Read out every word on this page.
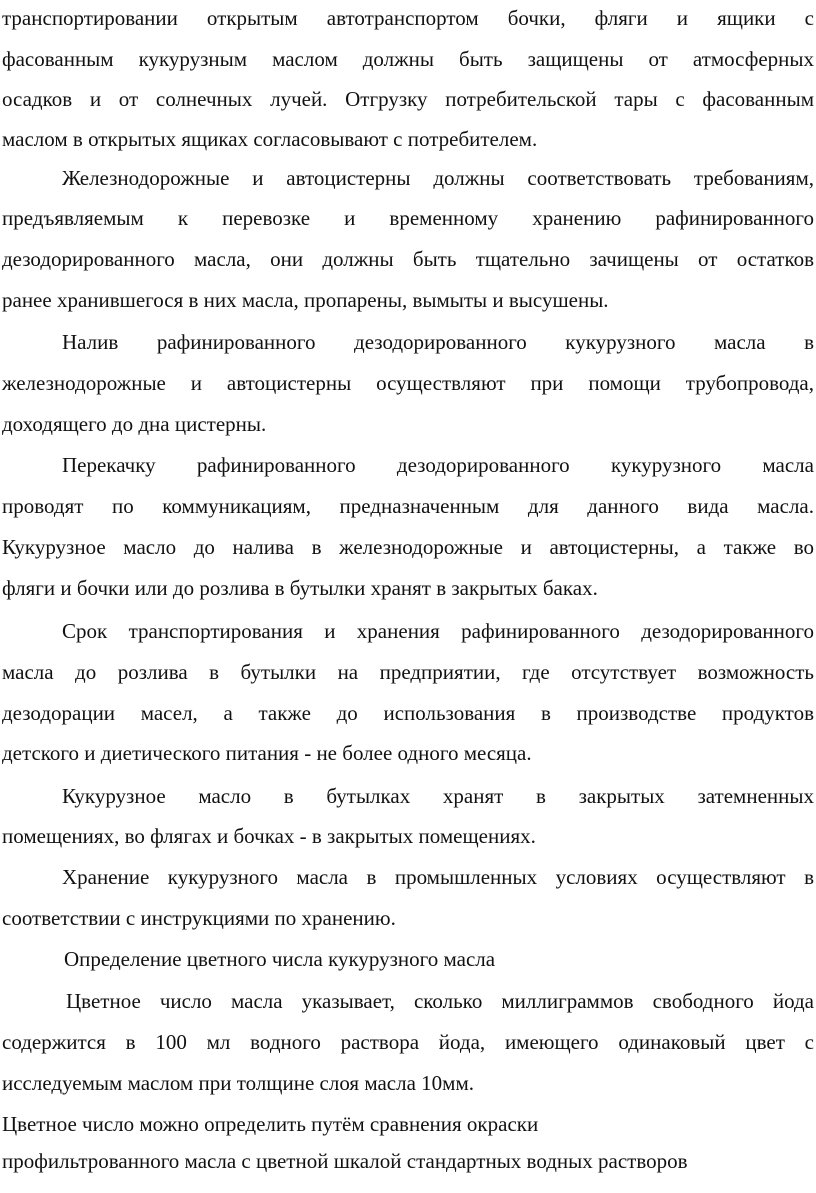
транспортировании открытым автотранспортом бочки, фляги и ящики с
фасованным кукурузным маслом должны быть защищены от атмосферных
осадков и от солнечных лучей. Отгрузку потребительской тары с фасованным
маслом в открытых ящиках согласовывают с потребителем.
Железнодорожные и автоцистерны должны соответствовать требованиям,
предъявляемым к перевозке и временному хранению рафинированного
дезодорированного масла, они должны быть тщательно зачищены от остатков
ранее хранившегося в них масла, пропарены, вымыты и высушены.
Налив рафинированного дезодорированного кукурузного масла в
железнодорожные и автоцистерны осуществляют при помощи трубопровода,
доходящего до дна цистерны.
Перекачку рафинированного дезодорированного кукурузного масла
проводят по коммуникациям, предназначенным для данного вида масла.
Кукурузное масло до налива в железнодорожные и автоцистерны, а также во
фляги и бочки или до розлива в бутылки хранят в закрытых баках.
Срок транспортирования и хранения рафинированного дезодорированного
масла до розлива в бутылки на предприятии, где отсутствует возможность
дезодорации масел, а также до использования в производстве продуктов
детского и диетического питания - не более одного месяца.
Кукурузное масло в бутылках хранят в закрытых затемненных
помещениях, во флягах и бочках - в закрытых помещениях.
Хранение кукурузного масла в промышленных условиях осуществляют в
соответствии с инструкциями по хранению.
Определение цветного числа кукурузного масла
Цветное число масла указывает, сколько миллиграммов свободного йода
содержится в 100 мл водного раствора йода, имеющего одинаковый цвет с
исследуемым маслом при толщине слоя масла 10мм.
Цветное число можно определить путём сравнения окраски
профильтрованного масла с цветной шкалой стандартных водных растворов
